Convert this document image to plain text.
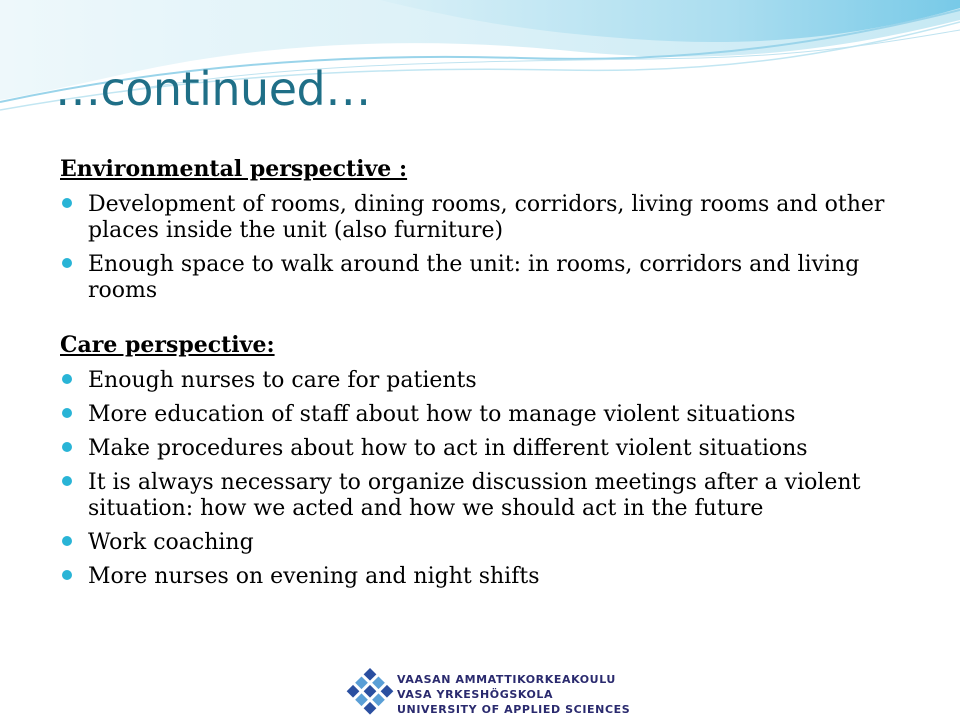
…continued…
Environmental perspective :
Development of rooms, dining rooms, corridors, living rooms and other places inside the unit (also furniture)
Enough space to walk around the unit: in rooms, corridors and living rooms
Care perspective:
Enough nurses to care for patients
More education of staff about how to manage violent situations
Make procedures about how to act in different violent situations
It is always necessary to organize discussion meetings after a violent situation: how we acted and how we should act in the future
Work coaching
More nurses on evening and night shifts
VAASAN AMMATTIKORKEAKOULU
VASA YRKESHÖGSKOLA
UNIVERSITY OF APPLIED SCIENCES
